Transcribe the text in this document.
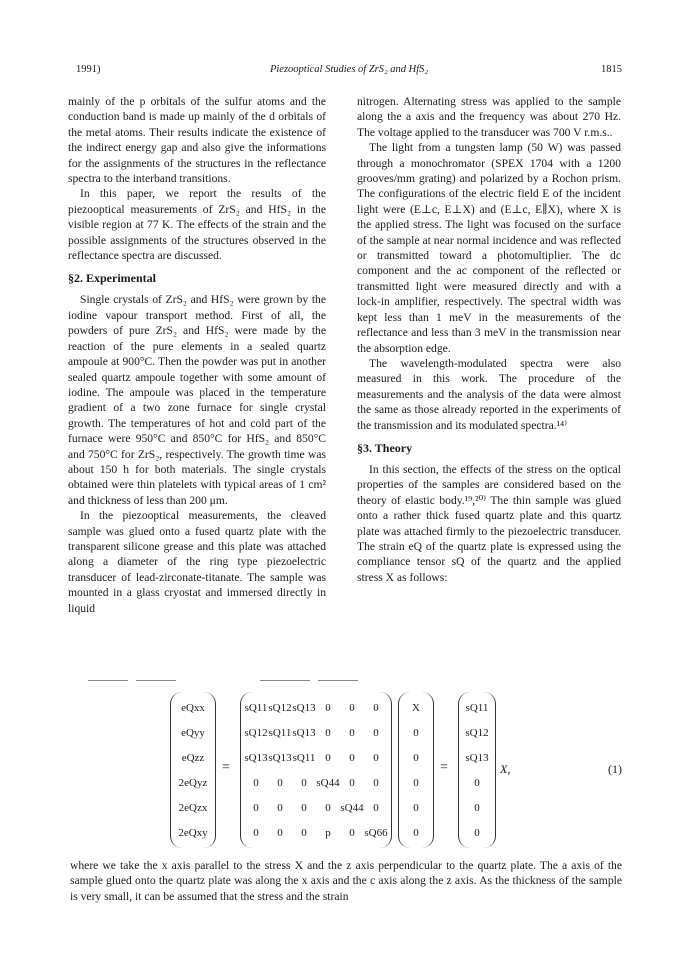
1991)	Piezooptical Studies of ZrS₂ and HfS₂	1815

mainly of the p orbitals of the sulfur atoms and the conduction band is made up mainly of the d orbitals of the metal atoms. Their results indicate the existence of the indirect energy gap and also give the informations for the assignments of the structures in the reflectance spectra to the interband transitions.

In this paper, we report the results of the piezooptical measurements of ZrS₂ and HfS₂ in the visible region at 77 K. The effects of the strain and the possible assignments of the structures observed in the reflectance spectra are discussed.

§2. Experimental

Single crystals of ZrS₂ and HfS₂ were grown by the iodine vapour transport method. First of all, the powders of pure ZrS₂ and HfS₂ were made by the reaction of the pure elements in a sealed quartz ampoule at 900°C. Then the powder was put in another sealed quartz ampoule together with some amount of iodine. The ampoule was placed in the temperature gradient of a two zone furnace for single crystal growth. The temperatures of hot and cold part of the furnace were 950°C and 850°C for HfS₂ and 850°C and 750°C for ZrS₂, respectively. The growth time was about 150 h for both materials. The single crystals obtained were thin platelets with typical areas of 1 cm² and thickness of less than 200 μm.

In the piezooptical measurements, the cleaved sample was glued onto a fused quartz plate with the transparent silicone grease and this plate was attached along a diameter of the ring type piezoelectric transducer of lead-zirconate-titanate. The sample was mounted in a glass cryostat and immersed directly in liquid

nitrogen. Alternating stress was applied to the sample along the a axis and the frequency was about 270 Hz. The voltage applied to the transducer was 700 V r.m.s..

The light from a tungsten lamp (50 W) was passed through a monochromator (SPEX 1704 with a 1200 grooves/mm grating) and polarized by a Rochon prism. The configurations of the electric field E of the incident light were (E⊥c, E⊥X) and (E⊥c, E∥X), where X is the applied stress. The light was focused on the surface of the sample at near normal incidence and was reflected or transmitted toward a photomultiplier. The dc component and the ac component of the reflected or transmitted light were measured directly and with a lock-in amplifier, respectively. The spectral width was kept less than 1 meV in the measurements of the reflectance and less than 3 meV in the transmission near the absorption edge.

The wavelength-modulated spectra were also measured in this work. The procedure of the measurements and the analysis of the data were almost the same as those already reported in the experiments of the transmission and its modulated spectra.¹⁴⁾

§3. Theory

In this section, the effects of the stress on the optical properties of the samples are considered based on the theory of elastic body.¹⁹,²⁰⁾ The thin sample was glued onto a rather thick fused quartz plate and this quartz plate was attached firmly to the piezoelectric transducer. The strain eQ of the quartz plate is expressed using the compliance tensor sQ of the quartz and the applied stress X as follows:

eQxx
eQyy
eQzz
2eQyz
2eQzx
2eQxy
=
sQ11sQ12sQ13 0 0 0
sQ12sQ11sQ13 0 0 0
sQ13sQ13sQ11 0 0 0
0 0 0 sQ44 0 0
0 0 0 0 sQ44 0
0 0 0 p 0 sQ66
X
0
0
0
0
0
=
sQ11
sQ12
sQ13
0
0
0
X,	(1)

where we take the x axis parallel to the stress X and the z axis perpendicular to the quartz plate. The a axis of the sample glued onto the quartz plate was along the x axis and the c axis along the z axis. As the thickness of the sample is very small, it can be assumed that the stress and the strain
